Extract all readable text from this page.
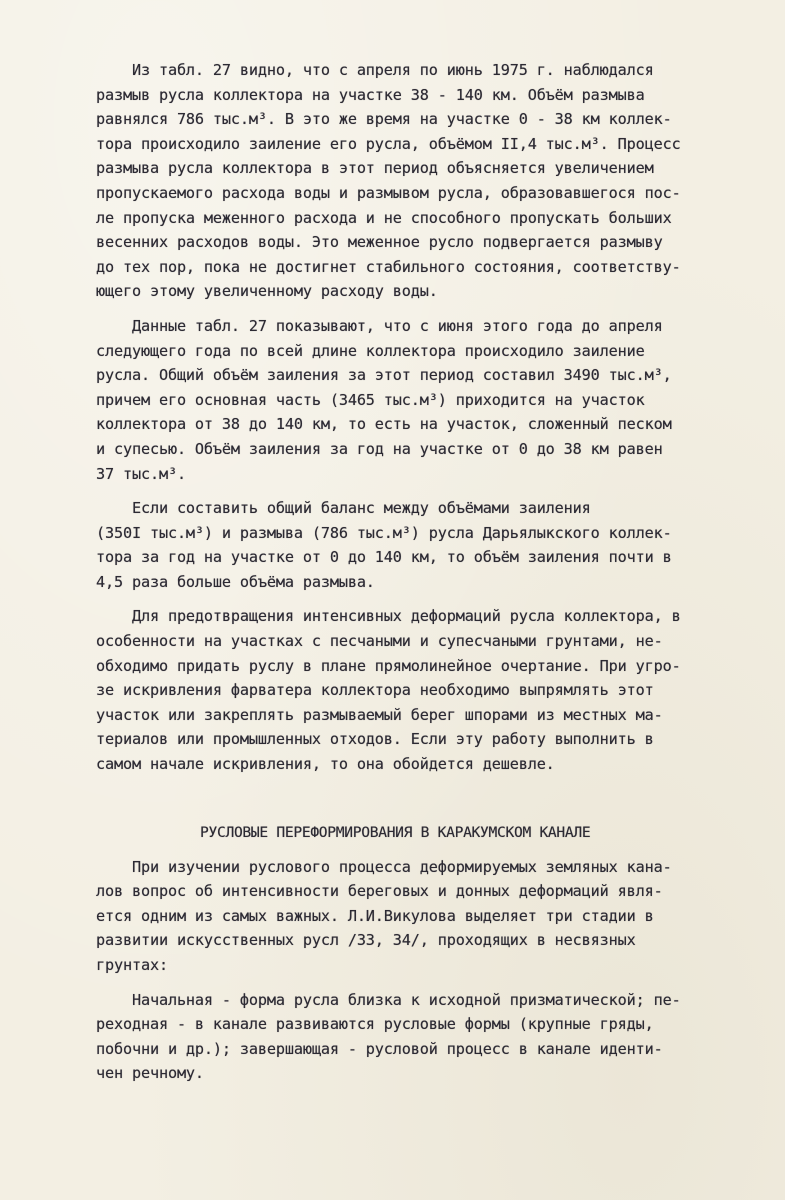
Из табл. 27 видно, что с апреля по июнь 1975 г. наблюдался
размыв русла коллектора на участке 38 - 140 км. Объём размыва
равнялся 786 тыс.м³. В это же время на участке 0 - 38 км коллек-
тора происходило заиление его русла, объёмом II,4 тыс.м³. Процесс
размыва русла коллектора в этот период объясняется увеличением
пропускаемого расхода воды и размывом русла, образовавшегося пос-
ле пропуска меженного расхода и не способного пропускать больших
весенних расходов воды. Это меженное русло подвергается размыву
до тех пор, пока не достигнет стабильного состояния, соответству-
ющего этому увеличенному расходу воды.
Данные табл. 27 показывают, что с июня этого года до апреля
следующего года по всей длине коллектора происходило заиление
русла. Общий объём заиления за этот период составил 3490 тыс.м³,
причем его основная часть (3465 тыс.м³) приходится на участок
коллектора от 38 до 140 км, то есть на участок, сложенный песком
и супесью. Объём заиления за год на участке от 0 до 38 км равен
37 тыс.м³.
Если составить общий баланс между объёмами заиления
(350I тыс.м³) и размыва (786 тыс.м³) русла Дарьялыкского коллек-
тора за год на участке от 0 до 140 км, то объём заиления почти в
4,5 раза больше объёма размыва.
Для предотвращения интенсивных деформаций русла коллектора, в
особенности на участках с песчаными и супесчаными грунтами, не-
обходимо придать руслу в плане прямолинейное очертание. При угро-
зе искривления фарватера коллектора необходимо выпрямлять этот
участок или закреплять размываемый берег шпорами из местных ма-
териалов или промышленных отходов. Если эту работу выполнить в
самом начале искривления, то она обойдется дешевле.
РУСЛОВЫЕ ПЕРЕФОРМИРОВАНИЯ В КАРАКУМСКОМ КАНАЛЕ
При изучении руслового процесса деформируемых земляных кана-
лов вопрос об интенсивности береговых и донных деформаций явля-
ется одним из самых важных. Л.И.Викулова выделяет три стадии в
развитии искусственных русл /33, 34/, проходящих в несвязных
грунтах:
Начальная - форма русла близка к исходной призматической; пе-
реходная - в канале развиваются русловые формы (крупные гряды,
побочни и др.); завершающая - русловой процесс в канале иденти-
чен речному.
